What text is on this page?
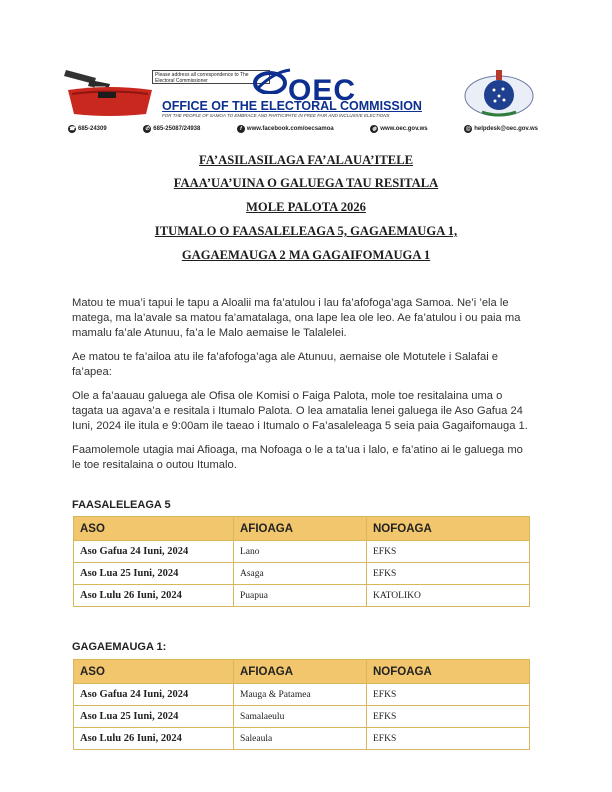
Please address all correspondence to The Electoral Commissioner	OEC
OFFICE OF THE ELECTORAL COMMISSION
FOR THE PEOPLE OF SAMOA TO EMBRACE AND PARTICIPATE IN FREE FAIR AND INCLUSIVE ELECTIONS
☎ 685-24309	✆ 685-25087/24938	f www.facebook.com/oecsamoa	◍ www.oec.gov.ws	@ helpdesk@oec.gov.ws
FA’ASILASILAGA FA’ALAUA’ITELE
FAAA’UA’UINA O GALUEGA TAU RESITALA
MOLE PALOTA 2026
ITUMALO O FAASALELEAGA 5, GAGAEMAUGA 1,
GAGAEMAUGA 2 MA GAGAIFOMAUGA 1
Matou te mua’i tapui le tapu a Aloalii ma fa’atulou i lau fa’afofoga’aga Samoa. Ne’i ’ela le matega, ma la’avale sa matou fa’amatalaga, ona lape lea ole leo. Ae fa’atulou i ou paia ma mamalu fa’ale Atunuu, fa’a le Malo aemaise le Talalelei.
Ae matou te fa’ailoa atu ile fa’afofoga’aga ale Atunuu, aemaise ole Motutele i Salafai e fa’apea:
Ole a fa’aauau galuega ale Ofisa ole Komisi o Faiga Palota, mole toe resitalaina uma o tagata ua agava’a e resitala i Itumalo Palota. O lea amatalia lenei galuega ile Aso Gafua 24 Iuni, 2024 ile itula e 9:00am ile taeao i Itumalo o Fa’asaleleaga 5 seia paia Gagaifomauga 1.
Faamolemole utagia mai Afioaga, ma Nofoaga o le a ta’ua i lalo, e fa’atino ai le galuega mo le toe resitalaina o outou Itumalo.
FAASALELEAGA 5
ASO	AFIOAGA	NOFOAGA
Aso Gafua 24 Iuni, 2024	Lano	EFKS
Aso Lua 25 Iuni, 2024	Asaga	EFKS
Aso Lulu 26 Iuni, 2024	Puapua	KATOLIKO
GAGAEMAUGA 1:
ASO	AFIOAGA	NOFOAGA
Aso Gafua 24 Iuni, 2024	Mauga & Patamea	EFKS
Aso Lua 25 Iuni, 2024	Samalaeulu	EFKS
Aso Lulu 26 Iuni, 2024	Saleaula	EFKS
